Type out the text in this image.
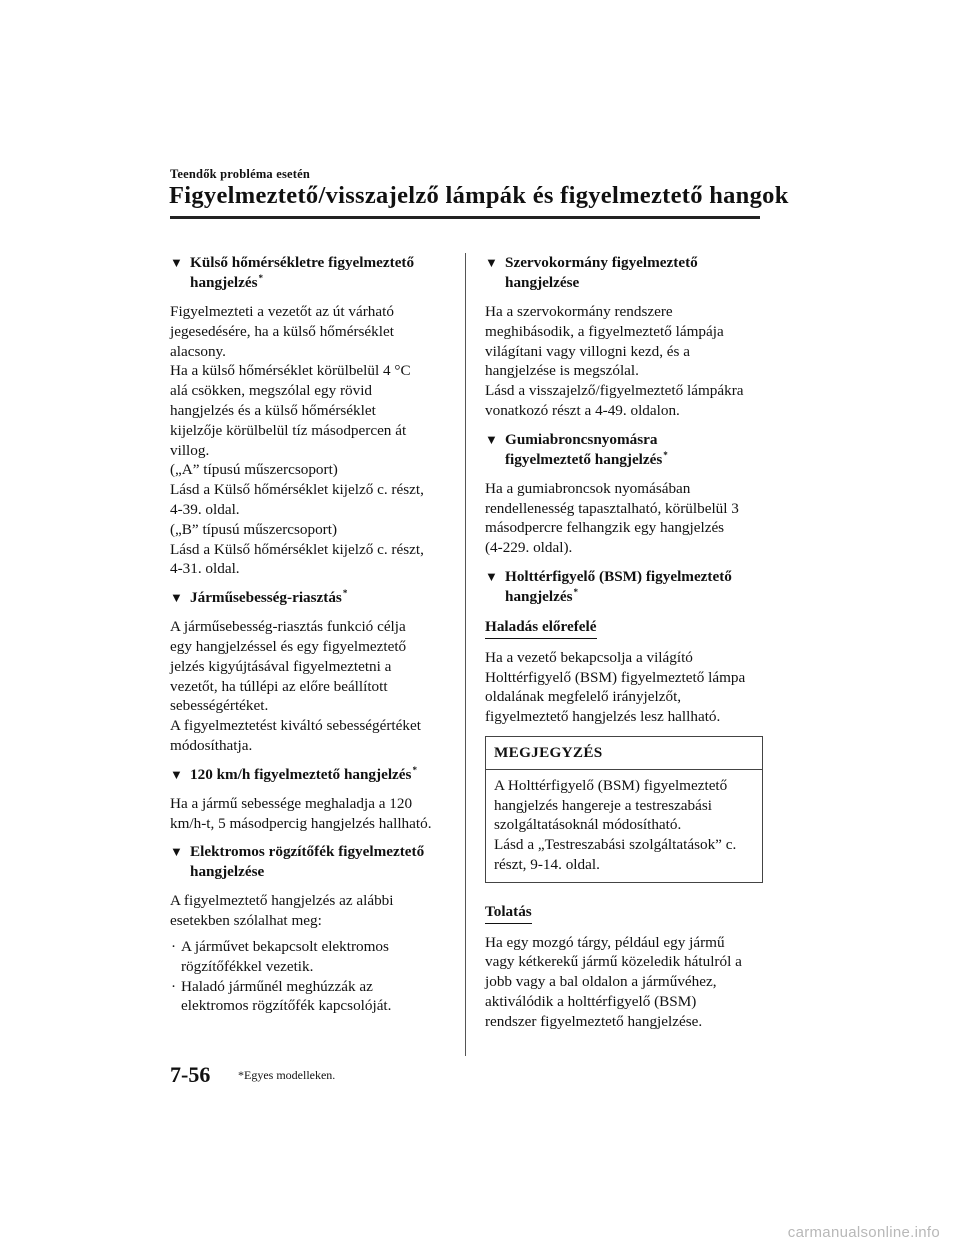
Teendők probléma esetén
Figyelmeztető/visszajelző lámpák és figyelmeztető hangok
▼ Külső hőmérsékletre figyelmeztető
hangjelzés*

Figyelmezteti a vezetőt az út várható
jegesedésére, ha a külső hőmérséklet
alacsony.
Ha a külső hőmérséklet körülbelül 4 °C
alá csökken, megszólal egy rövid
hangjelzés és a külső hőmérséklet
kijelzője körülbelül tíz másodpercen át
villog.
(„A” típusú műszercsoport)
Lásd a Külső hőmérséklet kijelző c. részt,
4-39. oldal.
(„B” típusú műszercsoport)
Lásd a Külső hőmérséklet kijelző c. részt,
4-31. oldal.

▼ Járműsebesség-riasztás*

A járműsebesség-riasztás funkció célja
egy hangjelzéssel és egy figyelmeztető
jelzés kigyújtásával figyelmeztetni a
vezetőt, ha túllépi az előre beállított
sebességértéket.
A figyelmeztetést kiváltó sebességértéket
módosíthatja.

▼ 120 km/h figyelmeztető hangjelzés*

Ha a jármű sebessége meghaladja a 120
km/h-t, 5 másodpercig hangjelzés hallható.

▼ Elektromos rögzítőfék figyelmeztető
hangjelzése

A figyelmeztető hangjelzés az alábbi
esetekben szólalhat meg:

· A járművet bekapcsolt elektromos
rögzítőfékkel vezetik.
· Haladó járműnél meghúzzák az
elektromos rögzítőfék kapcsolóját.
▼ Szervokormány figyelmeztető
hangjelzése

Ha a szervokormány rendszere
meghibásodik, a figyelmeztető lámpája
világítani vagy villogni kezd, és a
hangjelzése is megszólal.
Lásd a visszajelző/figyelmeztető lámpákra
vonatkozó részt a 4-49. oldalon.

▼ Gumiabroncsnyomásra
figyelmeztető hangjelzés*

Ha a gumiabroncsok nyomásában
rendellenesség tapasztalható, körülbelül 3
másodpercre felhangzik egy hangjelzés
(4-229. oldal).

▼ Holttérfigyelő (BSM) figyelmeztető
hangjelzés*
Haladás előrefelé

Ha a vezető bekapcsolja a világító
Holttérfigyelő (BSM) figyelmeztető lámpa
oldalának megfelelő irányjelzőt,
figyelmeztető hangjelzés lesz hallható.

MEGJEGYZÉS
A Holttérfigyelő (BSM) figyelmeztető
hangjelzés hangereje a testreszabási
szolgáltatásoknál módosítható.
Lásd a „Testreszabási szolgáltatások” c.
részt, 9-14. oldal.
Tolatás

Ha egy mozgó tárgy, például egy jármű
vagy kétkerekű jármű közeledik hátulról a
jobb vagy a bal oldalon a járművéhez,
aktiválódik a holttérfigyelő (BSM)
rendszer figyelmeztető hangjelzése.

7-56 *Egyes modelleken.
carmanualsonline.info
